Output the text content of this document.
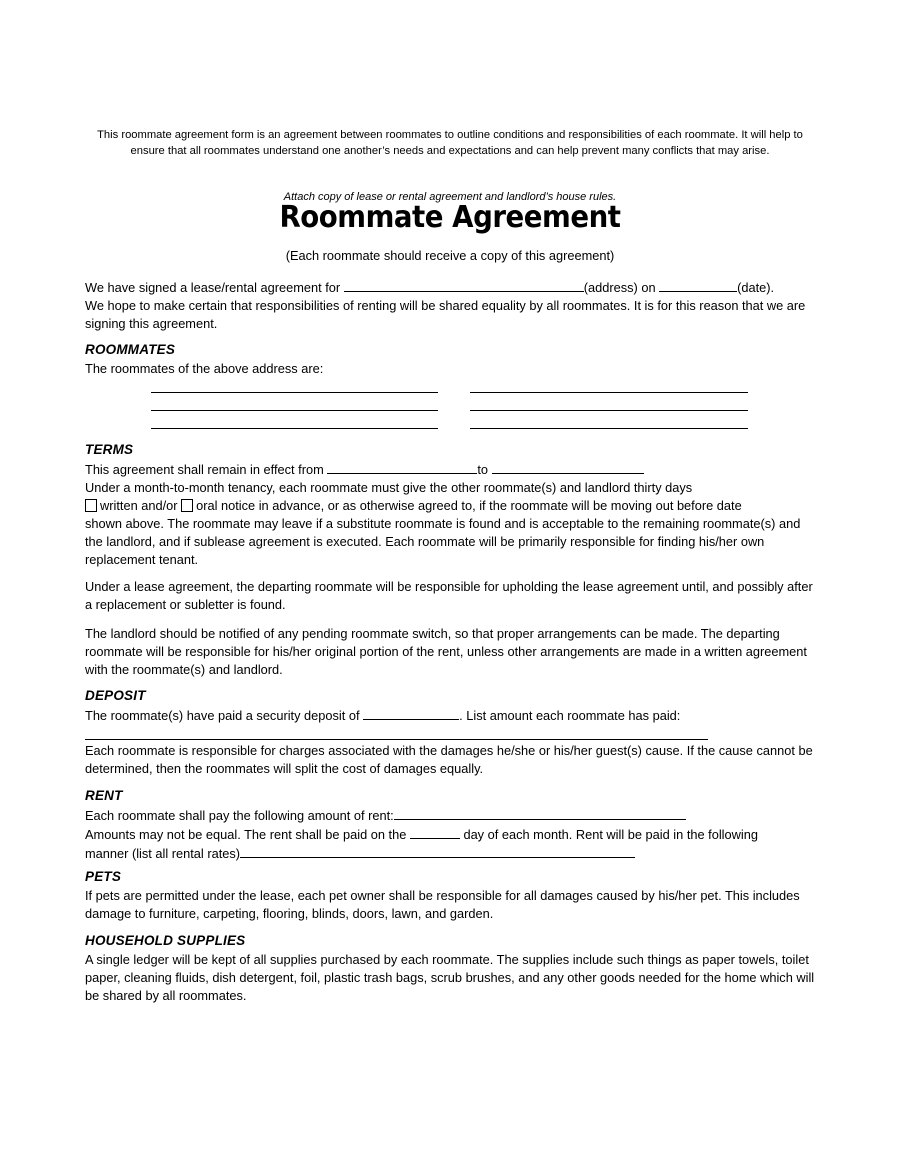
This roommate agreement form is an agreement between roommates to outline conditions and responsibilities of each roommate. It will help to ensure that all roommates understand one another’s needs and expectations and can help prevent many conflicts that may arise.
Attach copy of lease or rental agreement and landlord’s house rules.
Roommate Agreement
(Each roommate should receive a copy of this agreement)
We have signed a lease/rental agreement for	(address) on	(date).
We hope to make certain that responsibilities of renting will be shared equality by all roommates. It is for this reason that we are signing this agreement.
ROOMMATES
The roommates of the above address are:
TERMS
This agreement shall remain in effect from	to
Under a month-to-month tenancy, each roommate must give the other roommate(s) and landlord thirty days
written and/or oral notice in advance, or as otherwise agreed to, if the roommate will be moving out before date
shown above. The roommate may leave if a substitute roommate is found and is acceptable to the remaining roommate(s) and the landlord, and if sublease agreement is executed. Each roommate will be primarily responsible for finding his/her own replacement tenant.
Under a lease agreement, the departing roommate will be responsible for upholding the lease agreement until, and possibly after a replacement or subletter is found.
The landlord should be notified of any pending roommate switch, so that proper arrangements can be made. The departing roommate will be responsible for his/her original portion of the rent, unless other arrangements are made in a written agreement with the roommate(s) and landlord.
DEPOSIT
The roommate(s) have paid a security deposit of	. List amount each roommate has paid:
Each roommate is responsible for charges associated with the damages he/she or his/her guest(s) cause. If the cause cannot be determined, then the roommates will split the cost of damages equally.
RENT
Each roommate shall pay the following amount of rent:
Amounts may not be equal. The rent shall be paid on the	day of each month. Rent will be paid in the following
manner (list all rental rates)
PETS
If pets are permitted under the lease, each pet owner shall be responsible for all damages caused by his/her pet. This includes damage to furniture, carpeting, flooring, blinds, doors, lawn, and garden.
HOUSEHOLD SUPPLIES
A single ledger will be kept of all supplies purchased by each roommate. The supplies include such things as paper towels, toilet paper, cleaning fluids, dish detergent, foil, plastic trash bags, scrub brushes, and any other goods needed for the home which will be shared by all roommates.
